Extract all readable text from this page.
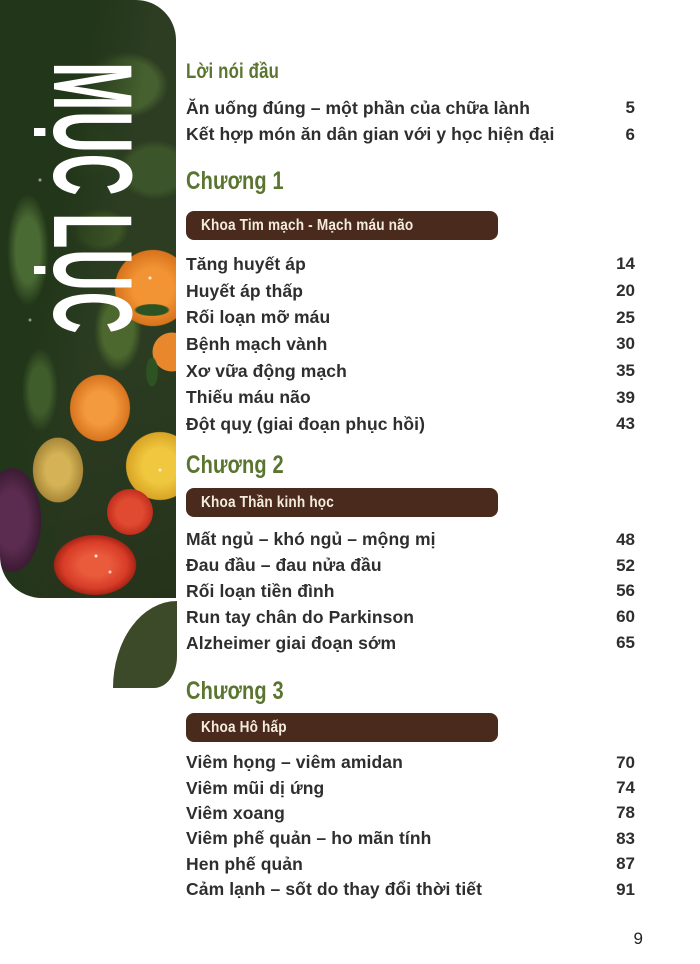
MỤC LỤC Lời nói đầu
Ăn uống đúng – một phần của chữa lành	5
Kết hợp món ăn dân gian với y học hiện đại	6
Chương 1
Khoa Tim mạch - Mạch máu não
Tăng huyết áp	14
Huyết áp thấp	20
Rối loạn mỡ máu	25
Bệnh mạch vành	30
Xơ vữa động mạch	35
Thiếu máu não	39
Đột quỵ (giai đoạn phục hồi)	43
Chương 2
Khoa Thần kinh học
Mất ngủ – khó ngủ – mộng mị	48
Đau đầu – đau nửa đầu	52
Rối loạn tiền đình	56
Run tay chân do Parkinson	60
Alzheimer giai đoạn sớm	65
Chương 3
Khoa Hô hấp
Viêm họng – viêm amidan	70
Viêm mũi dị ứng	74
Viêm xoang	78
Viêm phế quản – ho mãn tính	83
Hen phế quản	87
Cảm lạnh – sốt do thay đổi thời tiết	91
9
